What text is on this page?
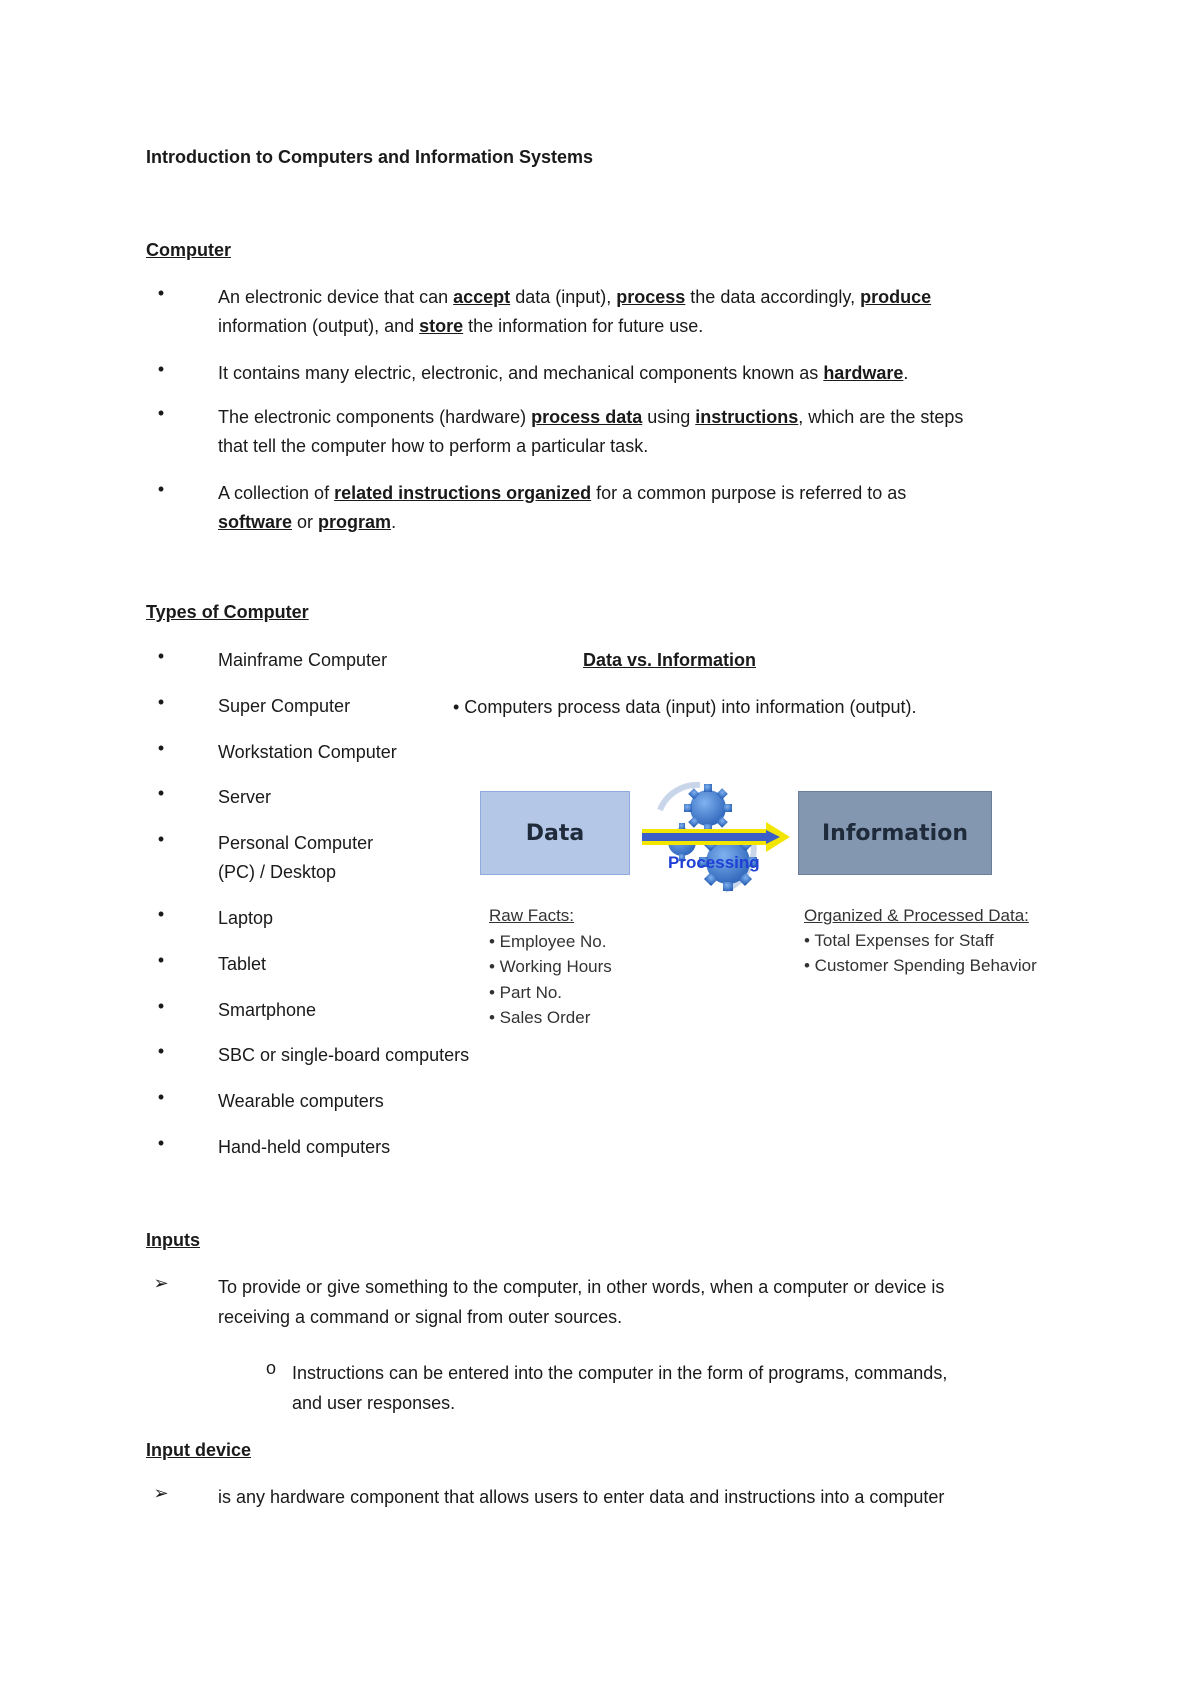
Introduction to Computers and Information Systems
Computer
•	An electronic device that can accept data (input), process the data accordingly, produce
information (output), and store the information for future use.
•	It contains many electric, electronic, and mechanical components known as hardware.
•	The electronic components (hardware) process data using instructions, which are the steps
that tell the computer how to perform a particular task.
•	A collection of related instructions organized for a common purpose is referred to as
software or program.
Types of Computer
•	Mainframe Computer
•	Super Computer
•	Workstation Computer
•	Server
•	Personal Computer
(PC) / Desktop
•	Laptop
•	Tablet
•	Smartphone
•	SBC or single-board computers
•	Wearable computers
•	Hand-held computers
Data vs. Information
• Computers process data (input) into information (output).
Data	Information
Processing
Raw Facts:
• Employee No.
• Working Hours
• Part No.
• Sales Order
Organized & Processed Data:
• Total Expenses for Staff
• Customer Spending Behavior
Inputs
➢	To provide or give something to the computer, in other words, when a computer or device is
receiving a command or signal from outer sources.
o Instructions can be entered into the computer in the form of programs, commands,
and user responses.
Input device
➢	is any hardware component that allows users to enter data and instructions into a computer
